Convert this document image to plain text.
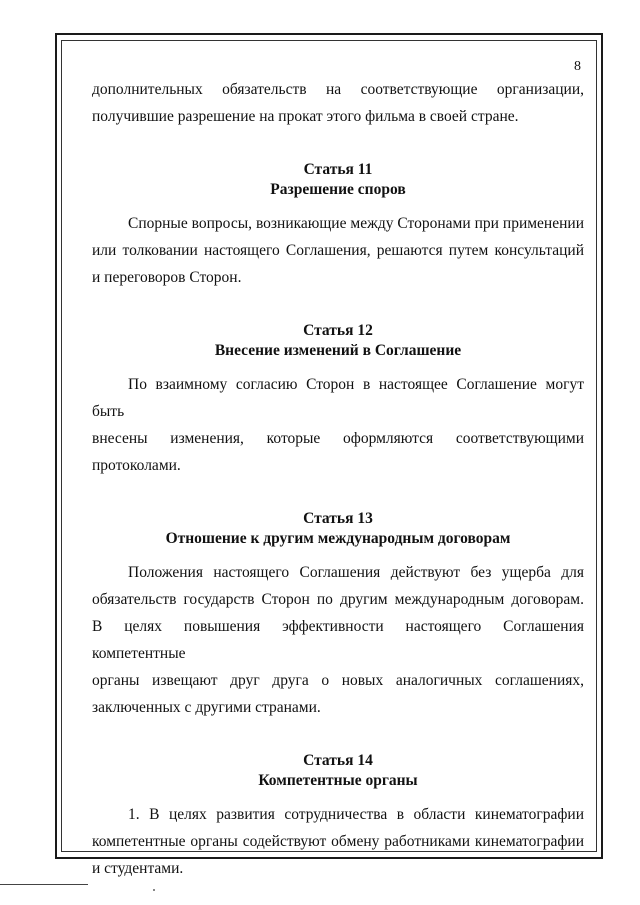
8

дополнительных обязательств на соответствующие организации,

получившие разрешение на прокат этого фильма в своей стране.

Статья 11
Разрешение споров

Спорные вопросы, возникающие между Сторонами при применении

или толковании настоящего Соглашения, решаются путем консультаций

и переговоров Сторон.

Статья 12
Внесение изменений в Соглашение

По взаимному согласию Сторон в настоящее Соглашение могут быть

внесены изменения, которые оформляются соответствующими

протоколами.

Статья 13
Отношение к другим международным договорам

Положения настоящего Соглашения действуют без ущерба для

обязательств государств Сторон по другим международным договорам.

В целях повышения эффективности настоящего Соглашения компетентные

органы извещают друг друга о новых аналогичных соглашениях,

заключенных с другими странами.

Статья 14
Компетентные органы

1. В целях развития сотрудничества в области кинематографии

компетентные органы содействуют обмену работниками кинематографии

и студентами.
